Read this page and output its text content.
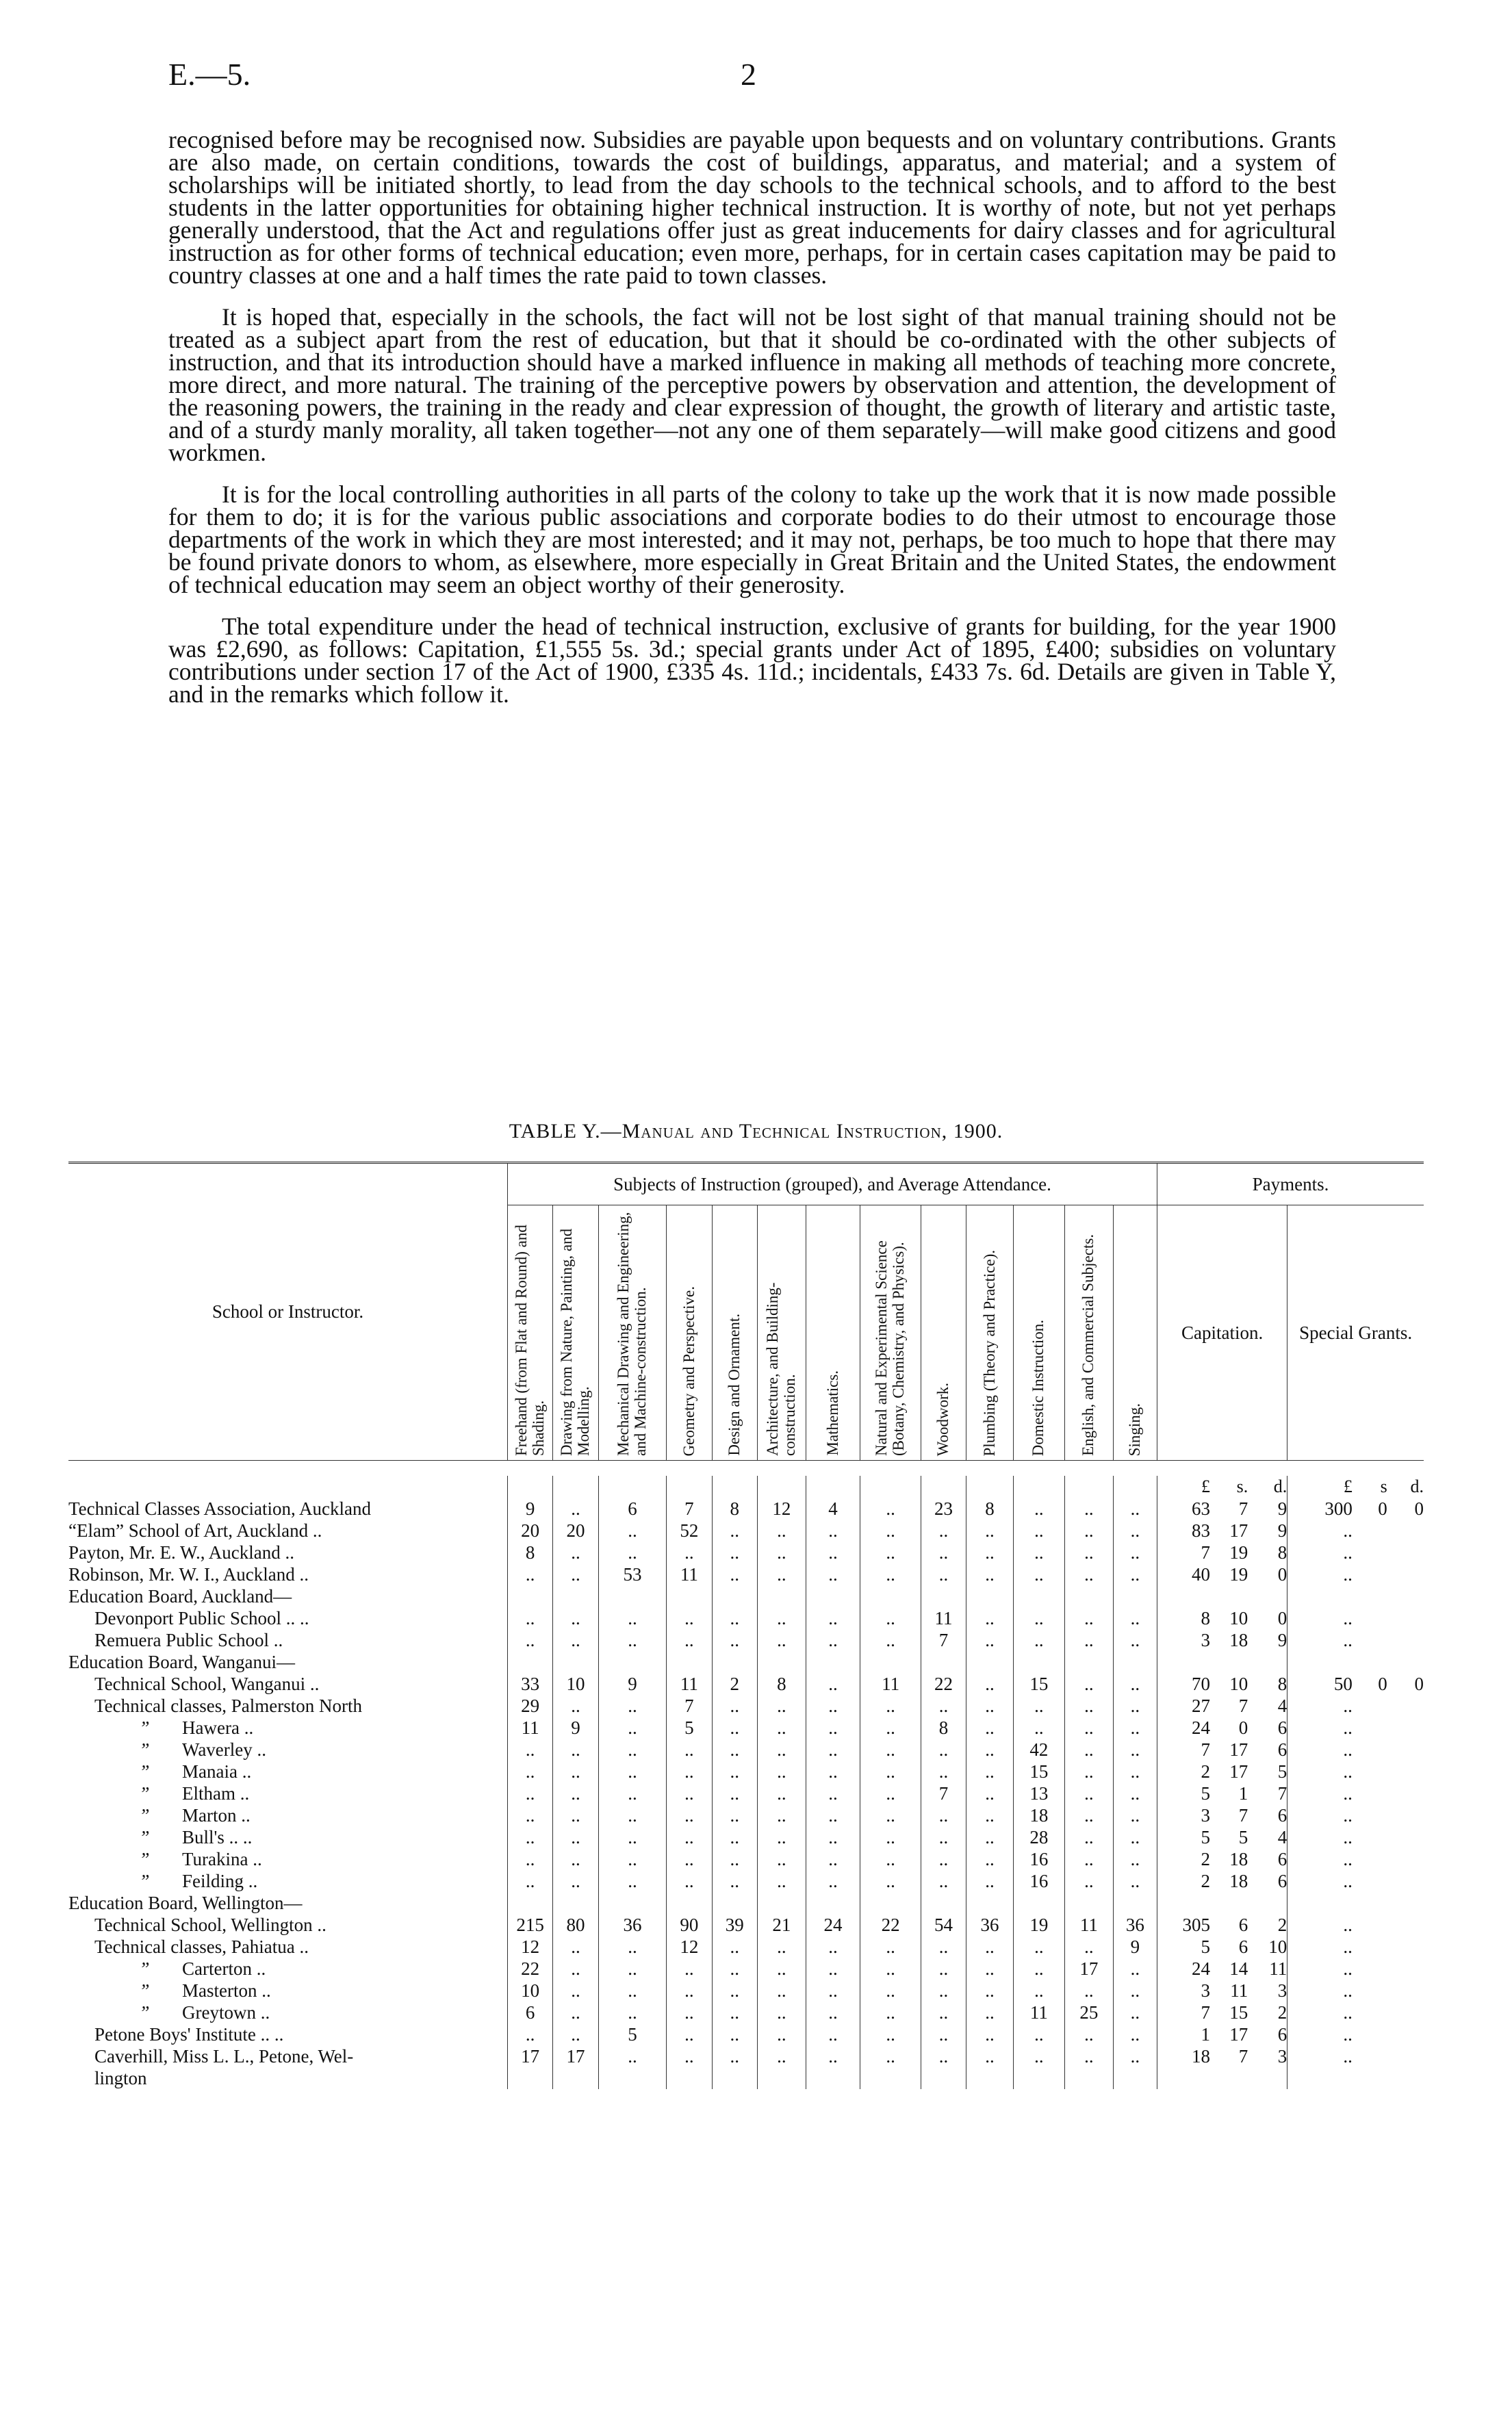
E.—5.	2

recognised before may be recognised now. Subsidies are payable upon bequests and on voluntary contributions. Grants are also made, on certain conditions, towards the cost of buildings, apparatus, and material; and a system of scholarships will be initiated shortly, to lead from the day schools to the technical schools, and to afford to the best students in the latter opportunities for obtaining higher technical instruction. It is worthy of note, but not yet perhaps generally understood, that the Act and regulations offer just as great inducements for dairy classes and for agricultural instruction as for other forms of technical education; even more, perhaps, for in certain cases capitation may be paid to country classes at one and a half times the rate paid to town classes.

It is hoped that, especially in the schools, the fact will not be lost sight of that manual training should not be treated as a subject apart from the rest of education, but that it should be co-ordinated with the other subjects of instruction, and that its introduction should have a marked influence in making all methods of teaching more concrete, more direct, and more natural. The training of the perceptive powers by observation and attention, the development of the reasoning powers, the training in the ready and clear expression of thought, the growth of literary and artistic taste, and of a sturdy manly morality, all taken together—not any one of them separately—will make good citizens and good workmen.

It is for the local controlling authorities in all parts of the colony to take up the work that it is now made possible for them to do; it is for the various public associations and corporate bodies to do their utmost to encourage those departments of the work in which they are most interested; and it may not, perhaps, be too much to hope that there may be found private donors to whom, as elsewhere, more especially in Great Britain and the United States, the endowment of technical education may seem an object worthy of their generosity.

The total expenditure under the head of technical instruction, exclusive of grants for building, for the year 1900 was £2,690, as follows: Capitation, £1,555 5s. 3d.; special grants under Act of 1895, £400; subsidies on voluntary contributions under section 17 of the Act of 1900, £335 4s. 11d.; incidentals, £433 7s. 6d. Details are given in Table Y, and in the remarks which follow it.

TABLE Y.—Manual and Technical Instruction, 1900.
School or Instructor.	Subjects of Instruction (grouped), and Average Attendance.													Payments.					

	Freehand (from Flat and Round) and Shading.	Drawing from Nature, Painting, and Modelling.	Mechanical Drawing and Engineering, and Machine-construction.	Geometry and Perspective.	Design and Ornament.	Architecture, and Building-construction.	Mathematics.	Natural and Experimental Science (Botany, Chemistry, and Physics).	Woodwork.	Plumbing (Theory and Practice).	Domestic Instruction.	English, and Commercial Subjects.	Singing.	Capitation.			Special Grants.		

														£	s.	d.	£	s	d.
Technical Classes Association, Auckland	9	..	6	7	8	12	4	..	23	8	..	..	..	63	7	9	300	0	0
“Elam” School of Art, Auckland ..	20	20	..	52	..	..	..	..	..	..	..	..	..	83	17	9	..		
Payton, Mr. E. W., Auckland ..	8	..	..	..	..	..	..	..	..	..	..	..	..	7	19	8	..		
Robinson, Mr. W. I., Auckland ..	..	..	53	11	..	..	..	..	..	..	..	..	..	40	19	0	..		
Education Board, Auckland—																			
Devonport Public School .. ..	..	..	..	..	..	..	..	..	11	..	..	..	..	8	10	0	..		
Remuera Public School ..	..	..	..	..	..	..	..	..	7	..	..	..	..	3	18	9	..		
Education Board, Wanganui—																			
Technical School, Wanganui ..	33	10	9	11	2	8	..	11	22	..	15	..	..	70	10	8	50	0	0
Technical classes, Palmerston North	29	..	..	7	..	..	..	..	..	..	..	..	..	27	7	4	..		
” Hawera ..	11	9	..	5	..	..	..	..	8	..	..	..	..	24	0	6	..		
” Waverley ..	..	..	..	..	..	..	..	..	..	..	42	..	..	7	17	6	..		
” Manaia ..	..	..	..	..	..	..	..	..	..	..	15	..	..	2	17	5	..		
” Eltham ..	..	..	..	..	..	..	..	..	7	..	13	..	..	5	1	7	..		
” Marton ..	..	..	..	..	..	..	..	..	..	..	18	..	..	3	7	6	..		
” Bull's .. ..	..	..	..	..	..	..	..	..	..	..	28	..	..	5	5	4	..		
” Turakina ..	..	..	..	..	..	..	..	..	..	..	16	..	..	2	18	6	..		
” Feilding ..	..	..	..	..	..	..	..	..	..	..	16	..	..	2	18	6	..		
Education Board, Wellington—																			
Technical School, Wellington ..	215	80	36	90	39	21	24	22	54	36	19	11	36	305	6	2	..		
Technical classes, Pahiatua ..	12	..	..	12	..	..	..	..	..	..	..	..	9	5	6	10	..		
” Carterton ..	22	..	..	..	..	..	..	..	..	..	..	17	..	24	14	11	..		
” Masterton ..	10	..	..	..	..	..	..	..	..	..	..	..	..	3	11	3	..		
” Greytown ..	6	..	..	..	..	..	..	..	..	..	11	25	..	7	15	2	..		
Petone Boys' Institute .. ..	..	..	5	..	..	..	..	..	..	..	..	..	..	1	17	6	..		
Caverhill, Miss L. L., Petone, Wel-	17	17	..	..	..	..	..	..	..	..	..	..	..	18	7	3	..		
lington																			
